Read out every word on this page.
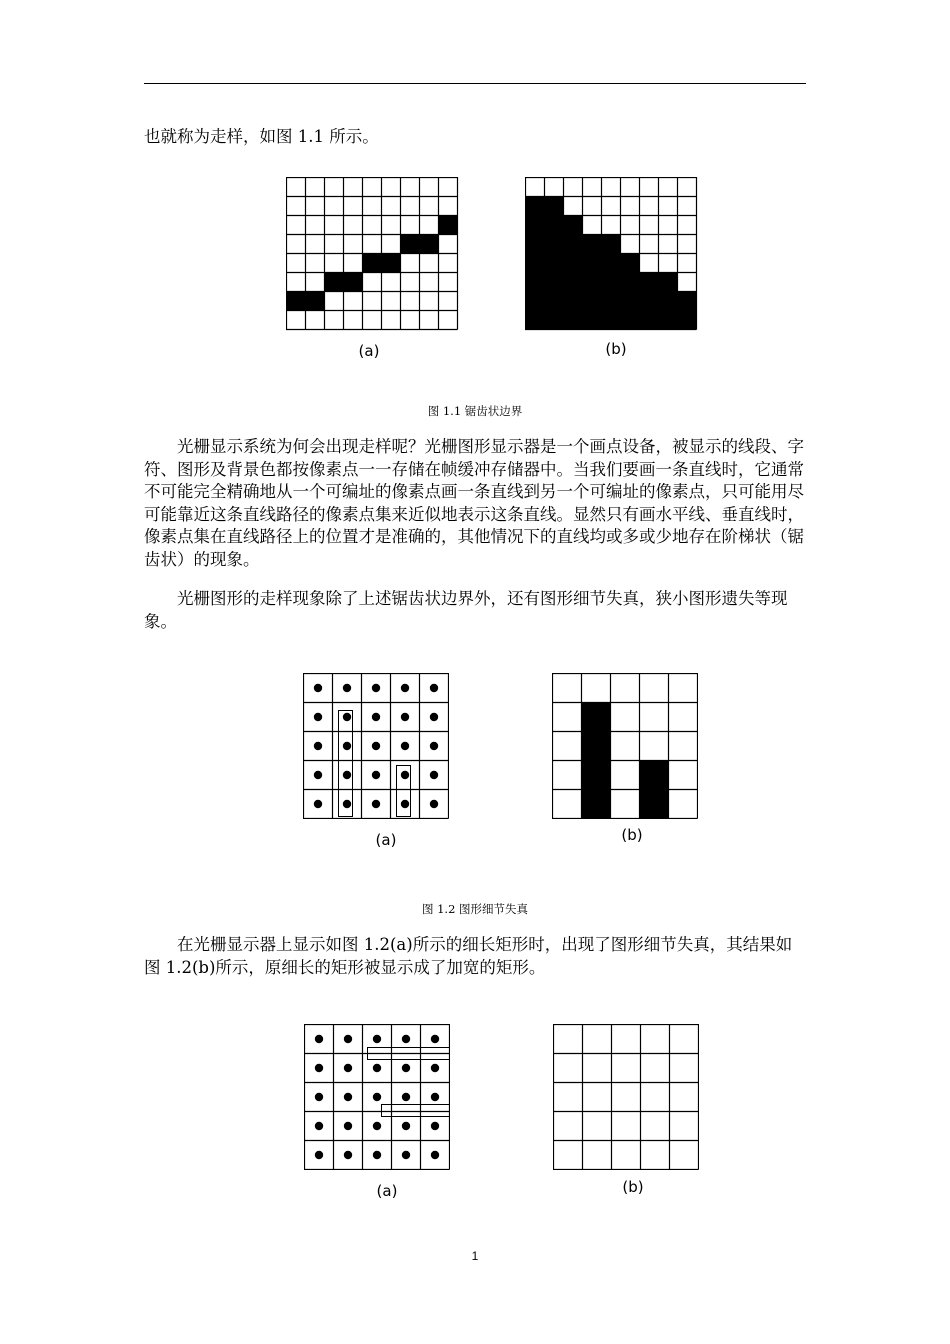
也就称为走样，如图 1.1 所示。

(a)	(b)

图 1.1 锯齿状边界

光栅显示系统为何会出现走样呢？光栅图形显示器是一个画点设备，被显示的线段、字符、图形及背景色都按像素点一一存储在帧缓冲存储器中。当我们要画一条直线时，它通常不可能完全精确地从一个可编址的像素点画一条直线到另一个可编址的像素点，只可能用尽可能靠近这条直线路径的像素点集来近似地表示这条直线。显然只有画水平线、垂直线时，像素点集在直线路径上的位置才是准确的，其他情况下的直线均或多或少地存在阶梯状（锯齿状）的现象。

光栅图形的走样现象除了上述锯齿状边界外，还有图形细节失真，狭小图形遗失等现象。

(a)	(b)

图 1.2 图形细节失真

在光栅显示器上显示如图 1.2(a)所示的细长矩形时，出现了图形细节失真，其结果如图 1.2(b)所示，原细长的矩形被显示成了加宽的矩形。

(a)	(b)
1
